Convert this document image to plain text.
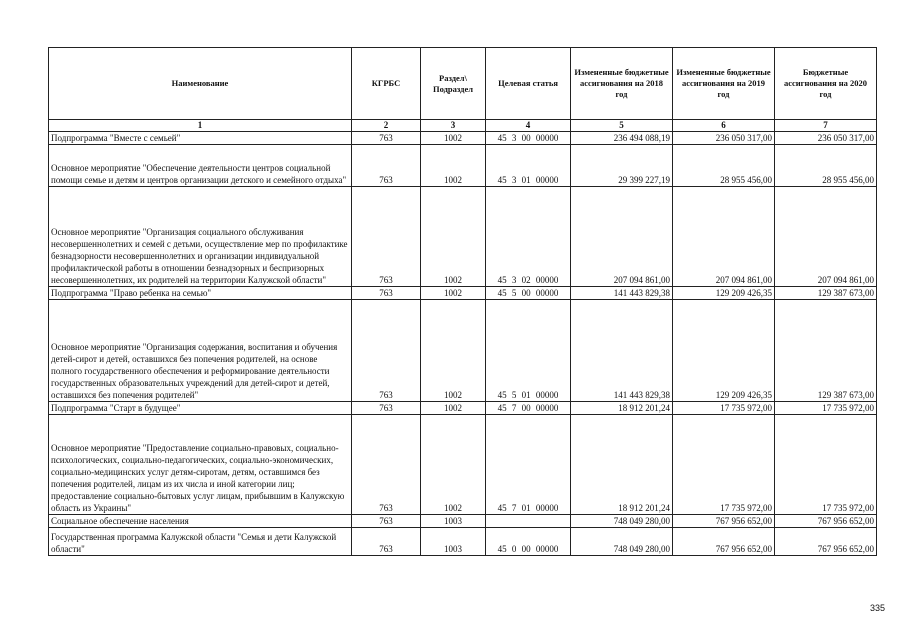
Наименование	КГРБС	Раздел\ Подраздел	Целевая статья	Измененные бюджетные ассигнования на 2018 год	Измененные бюджетные ассигнования на 2019 год	Бюджетные ассигнования на 2020 год
1	2	3	4	5	6	7
Подпрограмма "Вместе с семьей"	763	1002	45 3 00 00000	236 494 088,19	236 050 317,00	236 050 317,00
Основное мероприятие "Обеспечение деятельности центров социальной помощи семье и детям и центров организации детского и семейного отдыха"	763	1002	45 3 01 00000	29 399 227,19	28 955 456,00	28 955 456,00
Основное мероприятие "Организация социального обслуживания несовершеннолетних и семей с детьми, осуществление мер по профилактике безнадзорности несовершеннолетних и организации индивидуальной профилактической работы в отношении безнадзорных и беспризорных несовершеннолетних, их родителей на территории Калужской области"	763	1002	45 3 02 00000	207 094 861,00	207 094 861,00	207 094 861,00
Подпрограмма "Право ребенка на семью"	763	1002	45 5 00 00000	141 443 829,38	129 209 426,35	129 387 673,00
Основное мероприятие "Организация содержания, воспитания и обучения детей-сирот и детей, оставшихся без попечения родителей, на основе полного государственного обеспечения и реформирование деятельности государственных образовательных учреждений для детей-сирот и детей, оставшихся без попечения родителей"	763	1002	45 5 01 00000	141 443 829,38	129 209 426,35	129 387 673,00
Подпрограмма "Старт в будущее"	763	1002	45 7 00 00000	18 912 201,24	17 735 972,00	17 735 972,00
Основное мероприятие "Предоставление социально-правовых, социально-психологических, социально-педагогических, социально-экономических, социально-медицинских услуг детям-сиротам, детям, оставшимся без попечения родителей, лицам из их числа и иной категории лиц; предоставление социально-бытовых услуг лицам, прибывшим в Калужскую область из Украины"	763	1002	45 7 01 00000	18 912 201,24	17 735 972,00	17 735 972,00
Социальное обеспечение населения	763	1003		748 049 280,00	767 956 652,00	767 956 652,00
Государственная программа Калужской области "Семья и дети Калужской области"	763	1003	45 0 00 00000	748 049 280,00	767 956 652,00	767 956 652,00
335
